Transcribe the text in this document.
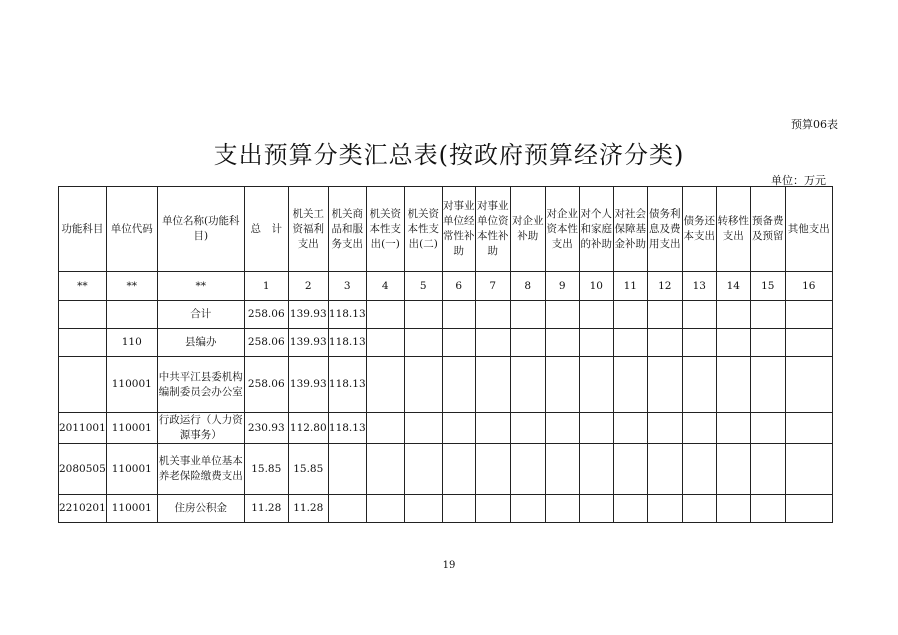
预算06表
支出预算分类汇总表(按政府预算经济分类)
单位：万元
功能科目	单位代码	单位名称(功能科目)	总　计	机关工资福利支出	机关商品和服务支出	机关资本性支出(一)	机关资本性支出(二)	对事业单位经常性补助	对事业单位资本性补助	对企业补助	对企业资本性支出	对个人和家庭的补助	对社会保障基金补助	债务利息及费用支出	债务还本支出	转移性支出	预备费及预留	其他支出
**	**	**	1	2	3	4	5	6	7	8	9	10	11	12	13	14	15	16
		合计	258.06	139.93	118.13													
	110	县编办	258.06	139.93	118.13													
	110001	中共平江县委机构编制委员会办公室	258.06	139.93	118.13													
2011001	110001	行政运行（人力资源事务）	230.93	112.80	118.13													
2080505	110001	机关事业单位基本养老保险缴费支出	15.85	15.85														
2210201	110001	住房公积金	11.28	11.28														
19
